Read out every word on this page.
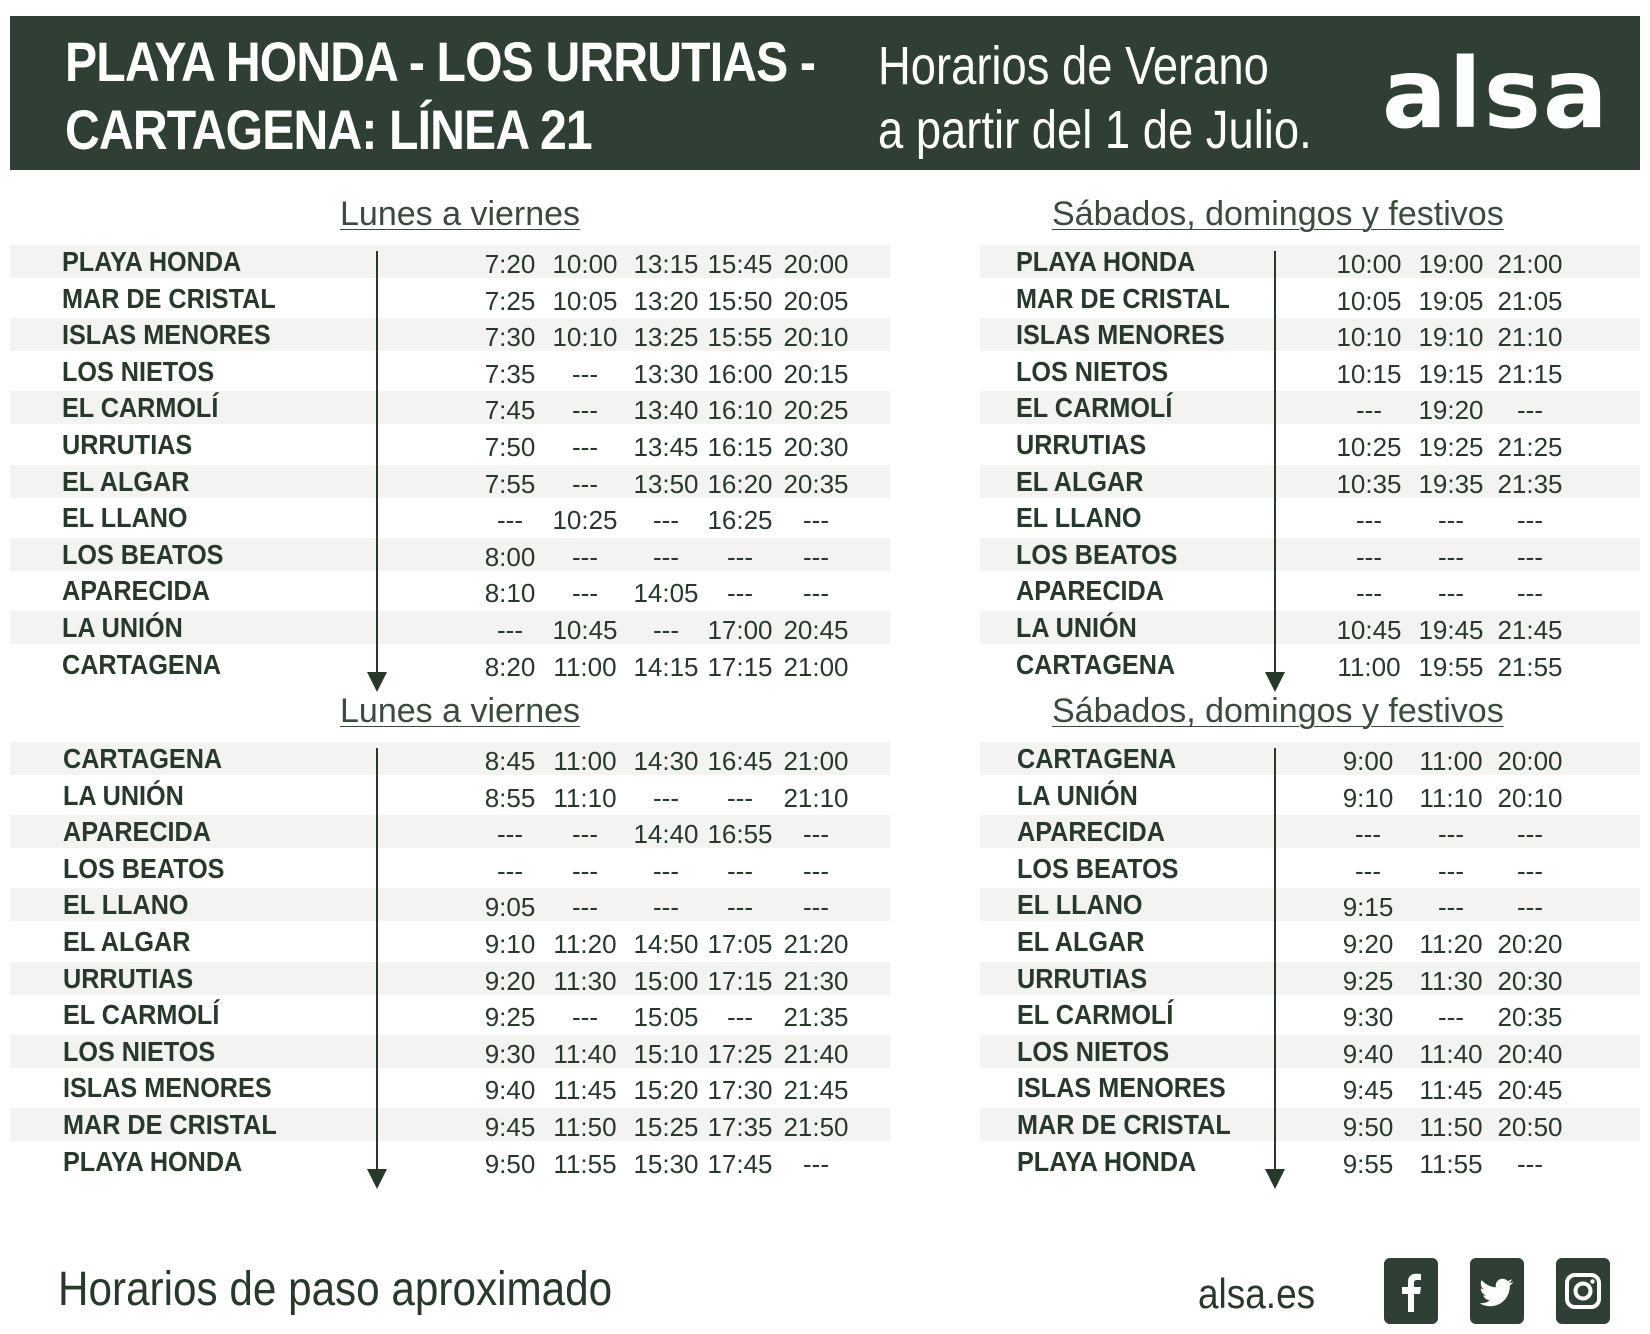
PLAYA HONDA - LOS URRUTIAS -
CARTAGENA: LÍNEA 21
Horarios de Verano
a partir del 1 de Julio. alsa
Lunes a viernes
PLAYA HONDA	7:20 10:00 13:15 15:45 20:00
MAR DE CRISTAL	7:25 10:05 13:20 15:50 20:05
ISLAS MENORES	7:30 10:10 13:25 15:55 20:10
LOS NIETOS	7:35	---	13:30 16:00 20:15
EL CARMOLÍ	7:45	---	13:40 16:10 20:25
URRUTIAS	7:50	---	13:45 16:15 20:30
EL ALGAR	7:55	---	13:50 16:20 20:35
EL LLANO	---	10:25	---	16:25	---
LOS BEATOS	8:00	---	---	---	---
APARECIDA	8:10	---	14:05	---	---
LA UNIÓN	---	10:45	---	17:00 20:45
CARTAGENA	8:20 11:00 14:15 17:15 21:00
Sábados, domingos y festivos
PLAYA HONDA	10:00 19:00 21:00
MAR DE CRISTAL	10:05 19:05 21:05
ISLAS MENORES	10:10 19:10 21:10
LOS NIETOS	10:15 19:15 21:15
EL CARMOLÍ	---	19:20	---
URRUTIAS	10:25 19:25 21:25
EL ALGAR	10:35 19:35 21:35
EL LLANO	---	---	---
LOS BEATOS	---	---	---
APARECIDA	---	---	---
LA UNIÓN	10:45 19:45 21:45
CARTAGENA	11:00 19:55 21:55
Lunes a viernes
CARTAGENA	8:45 11:00 14:30 16:45 21:00
LA UNIÓN	8:55 11:10	---	---	21:10
APARECIDA	---	---	14:40 16:55	---
LOS BEATOS	---	---	---	---	---
EL LLANO	9:05	---	---	---	---
EL ALGAR	9:10 11:20 14:50 17:05 21:20
URRUTIAS	9:20 11:30 15:00 17:15 21:30
EL CARMOLÍ	9:25	---	15:05	---	21:35
LOS NIETOS	9:30 11:40 15:10 17:25 21:40
ISLAS MENORES	9:40 11:45 15:20 17:30 21:45
MAR DE CRISTAL	9:45 11:50 15:25 17:35 21:50
PLAYA HONDA	9:50 11:55 15:30 17:45	---
Sábados, domingos y festivos
CARTAGENA	9:00	11:00 20:00
LA UNIÓN	9:10	11:10 20:10
APARECIDA	---	---	---
LOS BEATOS	---	---	---
EL LLANO	9:15	---	---
EL ALGAR	9:20	11:20 20:20
URRUTIAS	9:25	11:30 20:30
EL CARMOLÍ	9:30	---	20:35
LOS NIETOS	9:40	11:40 20:40
ISLAS MENORES	9:45	11:45 20:45
MAR DE CRISTAL	9:50	11:50 20:50
PLAYA HONDA	9:55	11:55	---
Horarios de paso aproximado	alsa.es
